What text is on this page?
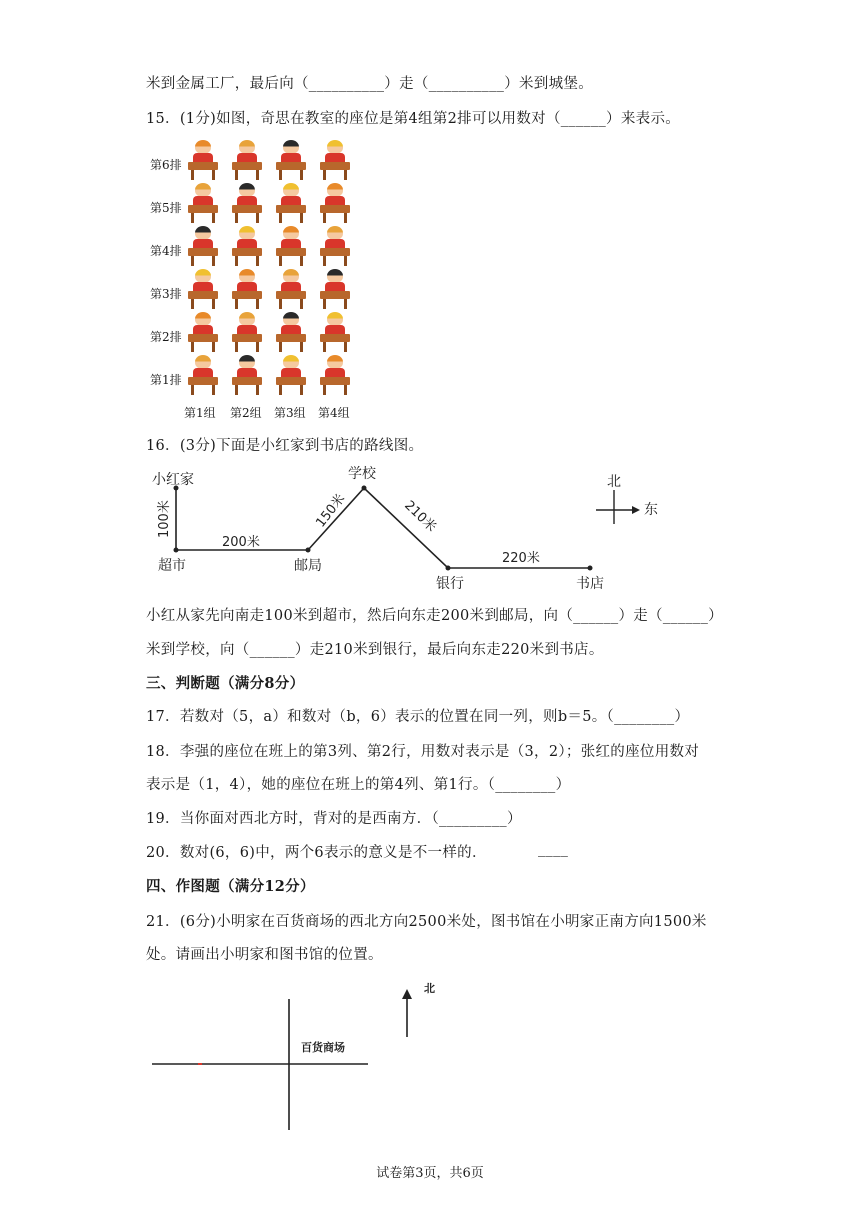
米到金属工厂，最后向（__________）走（__________）米到城堡。
15．(1分)如图，奇思在教室的座位是第4组第2排可以用数对（______）来表示。
第6排
第5排
第4排
第3排
第2排
第1排
第1组 第2组 第3组 第4组
16．(3分)下面是小红家到书店的路线图。
小红家
超市	邮局
学校
银行	书店
100米
200米
150米	210米
220米
北
东
小红从家先向南走100米到超市，然后向东走200米到邮局，向（______）走（______）
米到学校，向（______）走210米到银行，最后向东走220米到书店。
三、判断题（满分8分）
17．若数对（5，a）和数对（b，6）表示的位置在同一列，则b＝5。（________）
18．李强的座位在班上的第3列、第2行，用数对表示是（3，2）；张红的座位用数对
表示是（1，4），她的座位在班上的第4列、第1行。（________）
19．当你面对西北方时，背对的是西南方．（_________）
20．数对(6，6)中，两个6表示的意义是不一样的．	____
四、作图题（满分12分）
21．(6分)小明家在百货商场的西北方向2500米处，图书馆在小明家正南方向1500米
处。请画出小明家和图书馆的位置。
百货商场
北
试卷第3页，共6页
